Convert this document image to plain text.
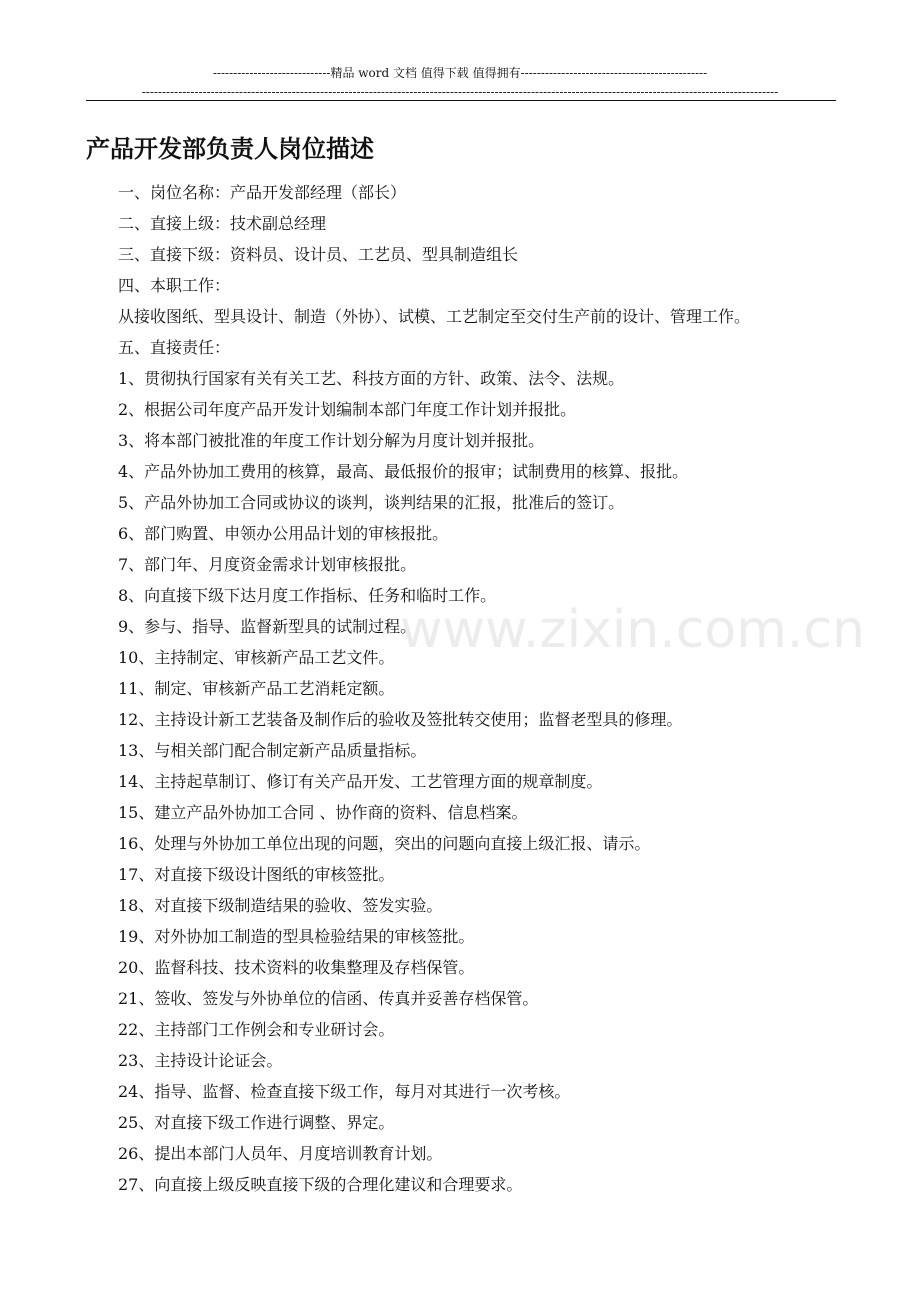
-----------------------------精品 word 文档 值得下载 值得拥有----------------------------------------------
-------------------------------------------------------------------------------------------------------------------------------------------------------------
产品开发部负责人岗位描述
一、岗位名称：产品开发部经理（部长）
二、直接上级：技术副总经理
三、直接下级：资料员、设计员、工艺员、型具制造组长
四、本职工作：
从接收图纸、型具设计、制造（外协）、试模、工艺制定至交付生产前的设计、管理工作。
五、直接责任：
1、贯彻执行国家有关有关工艺、科技方面的方针、政策、法令、法规。
2、根据公司年度产品开发计划编制本部门年度工作计划并报批。
3、将本部门被批准的年度工作计划分解为月度计划并报批。
4、产品外协加工费用的核算，最高、最低报价的报审；试制费用的核算、报批。
5、产品外协加工合同或协议的谈判，谈判结果的汇报，批准后的签订。
6、部门购置、申领办公用品计划的审核报批。
7、部门年、月度资金需求计划审核报批。
8、向直接下级下达月度工作指标、任务和临时工作。
9、参与、指导、监督新型具的试制过程。
10、主持制定、审核新产品工艺文件。
11、制定、审核新产品工艺消耗定额。
12、主持设计新工艺装备及制作后的验收及签批转交使用；监督老型具的修理。
13、与相关部门配合制定新产品质量指标。
14、主持起草制订、修订有关产品开发、工艺管理方面的规章制度。
15、建立产品外协加工合同 、协作商的资料、信息档案。
16、处理与外协加工单位出现的问题，突出的问题向直接上级汇报、请示。
17、对直接下级设计图纸的审核签批。
18、对直接下级制造结果的验收、签发实验。
19、对外协加工制造的型具检验结果的审核签批。
20、监督科技、技术资料的收集整理及存档保管。
21、签收、签发与外协单位的信函、传真并妥善存档保管。
22、主持部门工作例会和专业研讨会。
23、主持设计论证会。
24、指导、监督、检查直接下级工作，每月对其进行一次考核。
25、对直接下级工作进行调整、界定。
26、提出本部门人员年、月度培训教育计划。
27、向直接上级反映直接下级的合理化建议和合理要求。
www.zixin.com.cn
